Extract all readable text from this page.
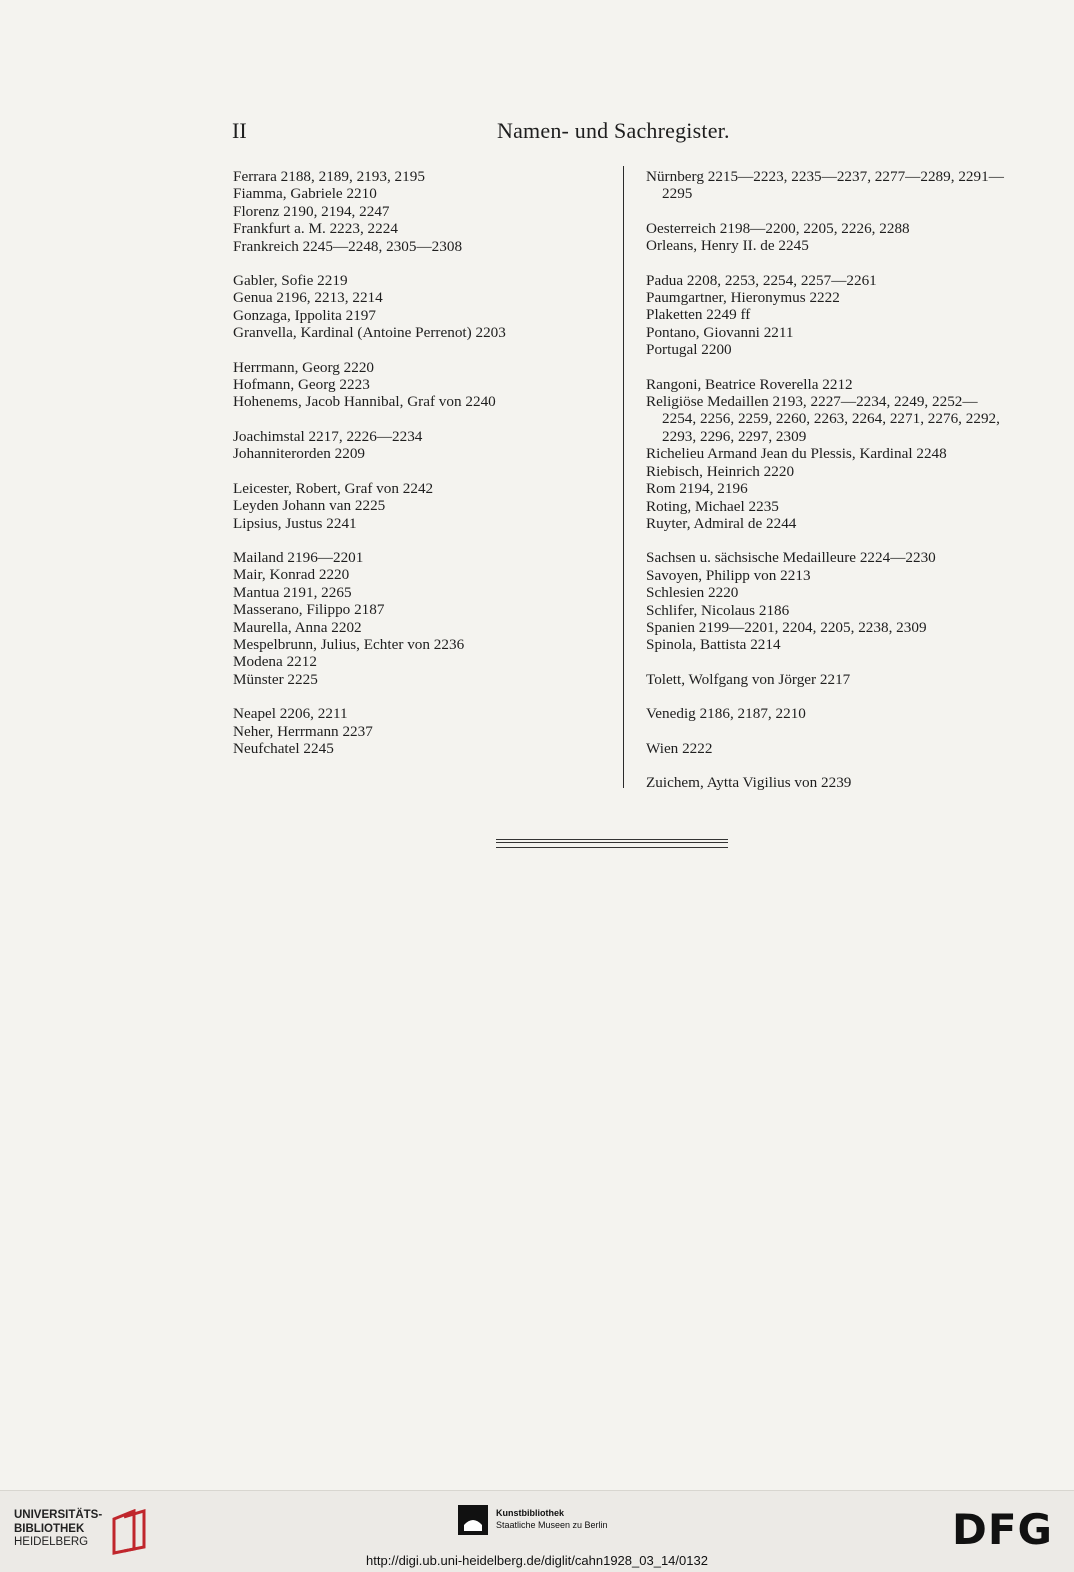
II	Namen- und Sachregister.
Ferrara 2188, 2189, 2193, 2195
Fiamma, Gabriele 2210
Florenz 2190, 2194, 2247
Frankfurt a. M. 2223, 2224
Frankreich 2245—2248, 2305—2308
Gabler, Sofie 2219
Genua 2196, 2213, 2214
Gonzaga, Ippolita 2197
Granvella, Kardinal (Antoine Perrenot) 2203
Herrmann, Georg 2220
Hofmann, Georg 2223
Hohenems, Jacob Hannibal, Graf von 2240
Joachimstal 2217, 2226—2234
Johanniterorden 2209
Leicester, Robert, Graf von 2242
Leyden Johann van 2225
Lipsius, Justus 2241
Mailand 2196—2201
Mair, Konrad 2220
Mantua 2191, 2265
Masserano, Filippo 2187
Maurella, Anna 2202
Mespelbrunn, Julius, Echter von 2236
Modena 2212
Münster 2225
Neapel 2206, 2211
Neher, Herrmann 2237
Neufchatel 2245
Nürnberg 2215—2223, 2235—2237, 2277—2289, 2291—2295
Oesterreich 2198—2200, 2205, 2226, 2288
Orleans, Henry II. de 2245
Padua 2208, 2253, 2254, 2257—2261
Paumgartner, Hieronymus 2222
Plaketten 2249 ff
Pontano, Giovanni 2211
Portugal 2200
Rangoni, Beatrice Roverella 2212
Religiöse Medaillen 2193, 2227—2234, 2249, 2252—2254, 2256, 2259, 2260, 2263, 2264, 2271, 2276, 2292, 2293, 2296, 2297, 2309
Richelieu Armand Jean du Plessis, Kardinal 2248
Riebisch, Heinrich 2220
Rom 2194, 2196
Roting, Michael 2235
Ruyter, Admiral de 2244
Sachsen u. sächsische Medailleure 2224—2230
Savoyen, Philipp von 2213
Schlesien 2220
Schlifer, Nicolaus 2186
Spanien 2199—2201, 2204, 2205, 2238, 2309
Spinola, Battista 2214
Tolett, Wolfgang von Jörger 2217
Venedig 2186, 2187, 2210
Wien 2222
Zuichem, Aytta Vigilius von 2239
UNIVERSITÄTS-
BIBLIOTHEK
HEIDELBERG
Kunstbibliothek
Staatliche Museen zu Berlin	DFG
http://digi.ub.uni-heidelberg.de/diglit/cahn1928_03_14/0132
